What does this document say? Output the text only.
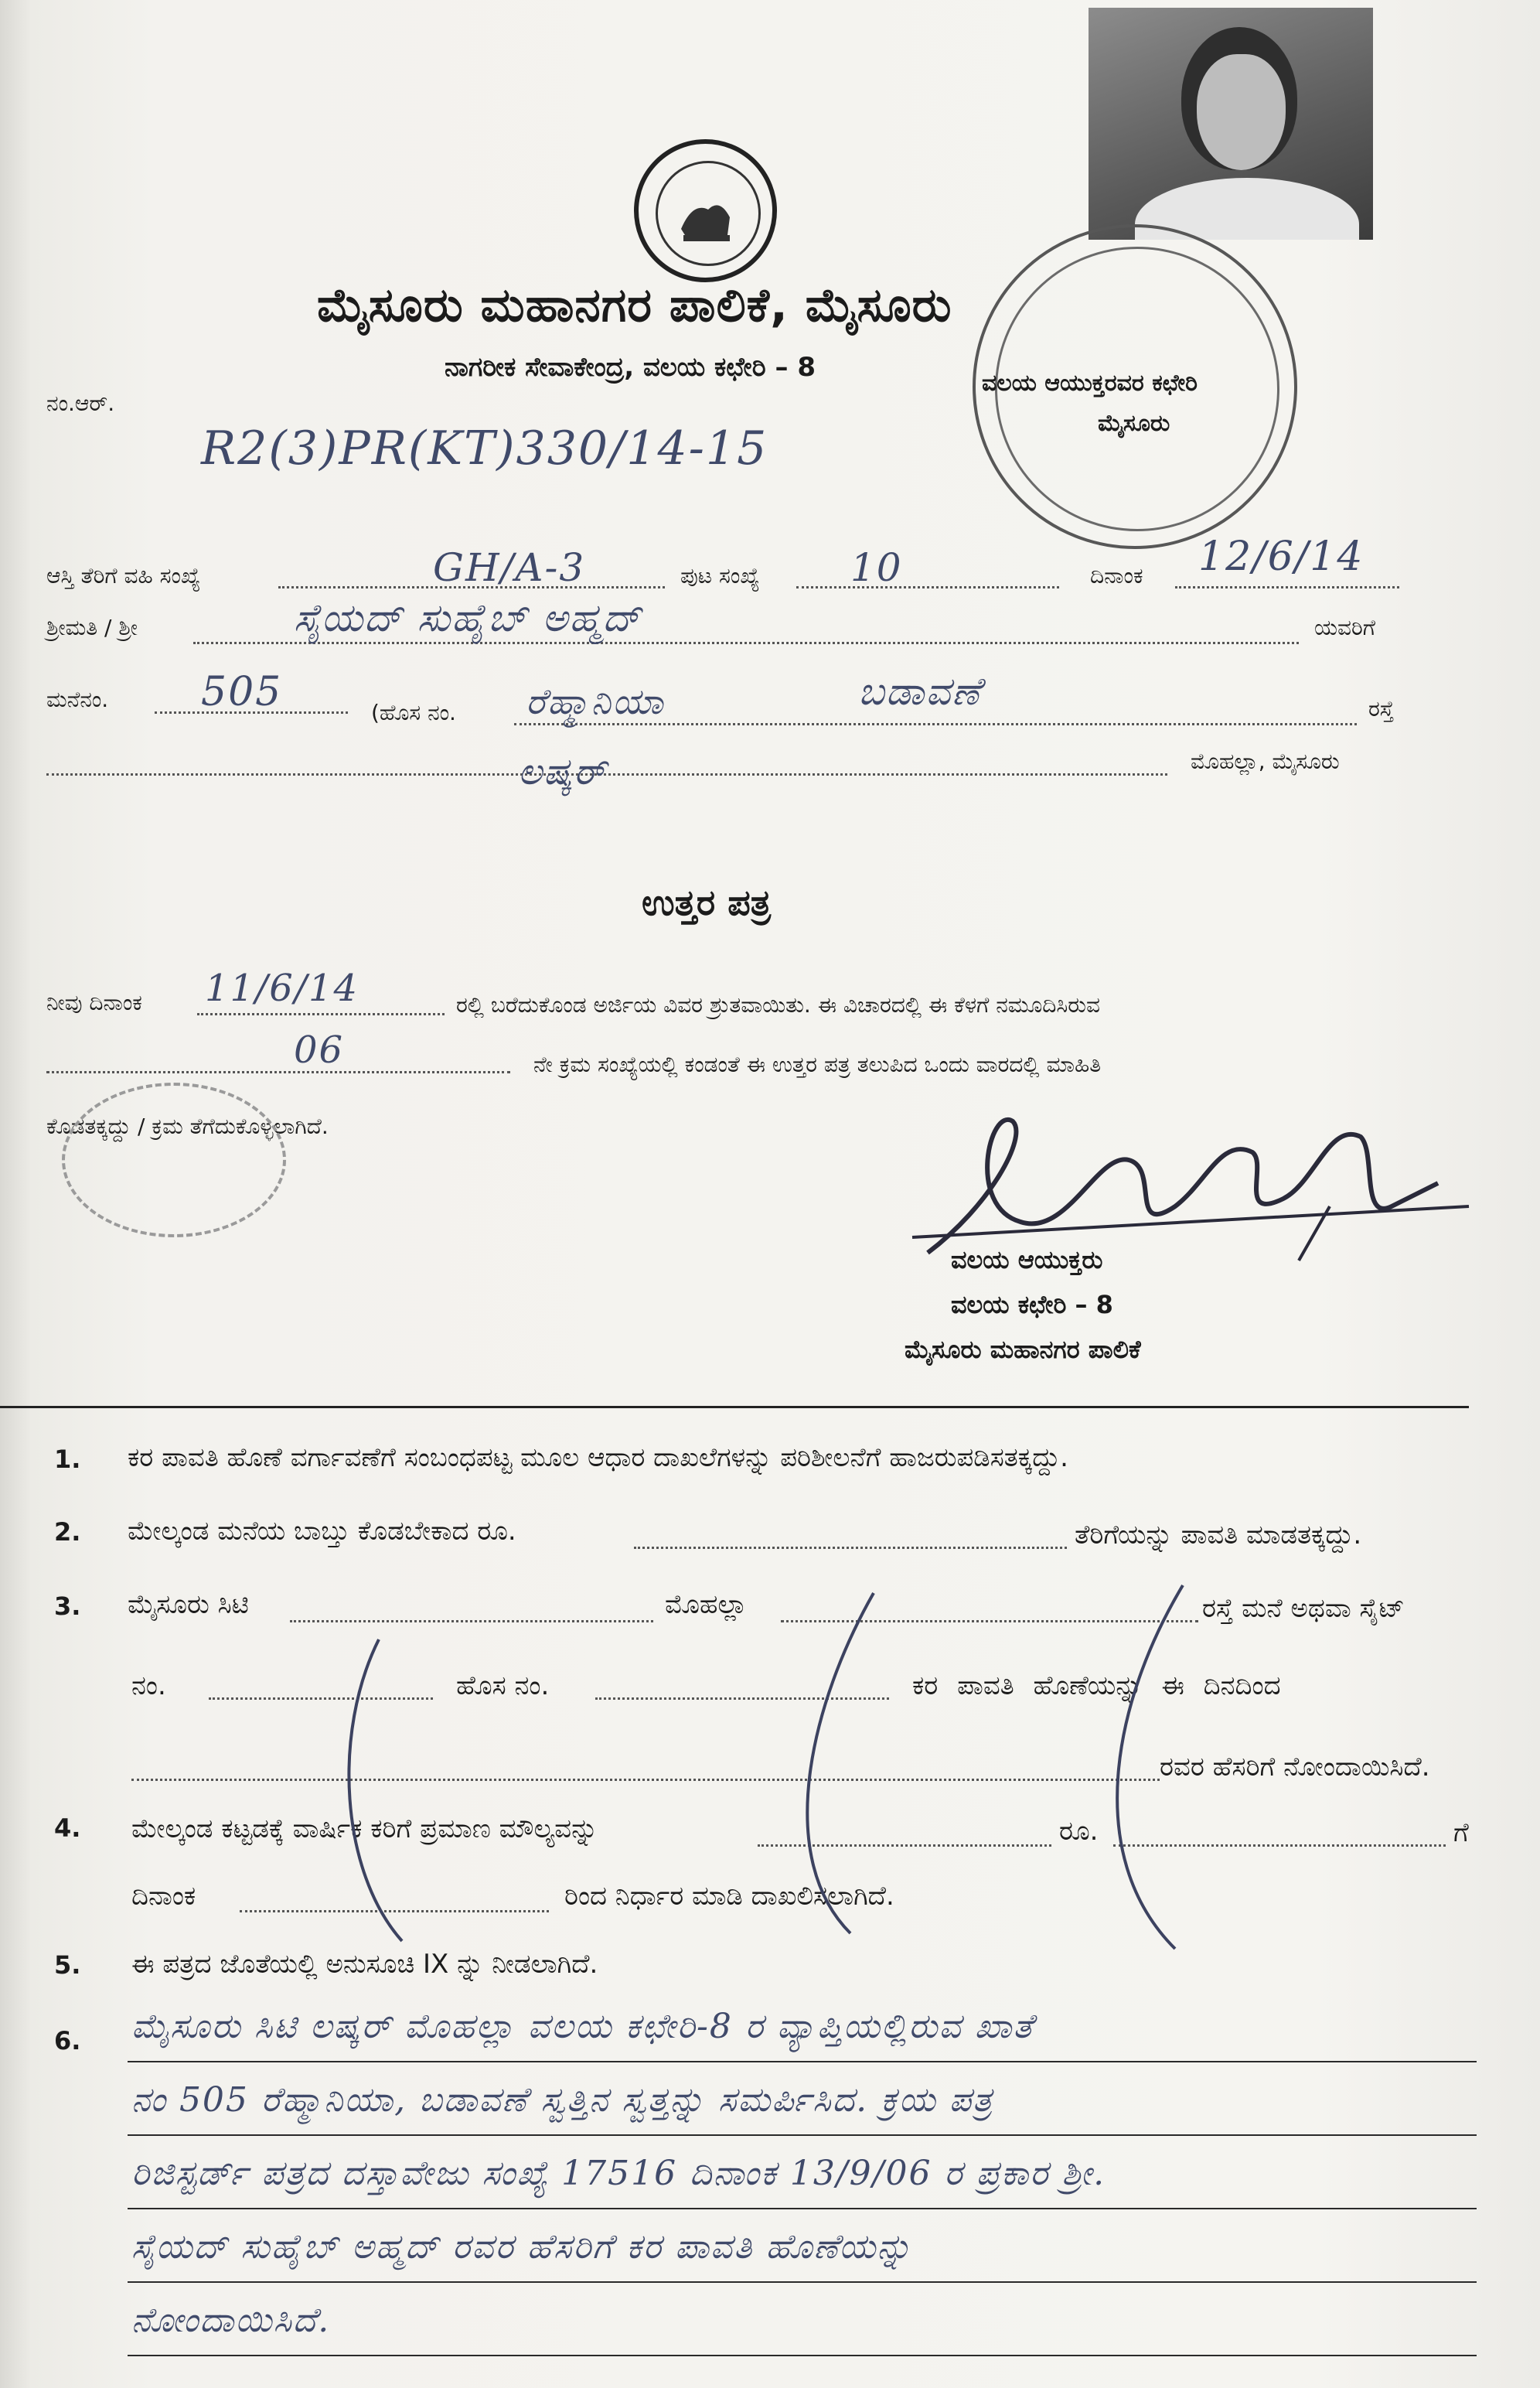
ಮೈಸೂರು ಮಹಾನಗರ ಪಾಲಿಕೆ, ಮೈಸೂರು
ನಾಗರೀಕ ಸೇವಾಕೇಂದ್ರ, ವಲಯ ಕಛೇರಿ – 8
ವಲಯ ಆಯುಕ್ತರವರ ಕಛೇರಿ
ಮೈಸೂರು
ನಂ.ಆರ್.
R2(3)PR(KT)330/14-15
ಆಸ್ತಿ ತೆರಿಗೆ ವಹಿ ಸಂಖ್ಯೆ	GH/A-3	ಪುಟ ಸಂಖ್ಯೆ 10	ದಿನಾಂಕ 12/6/14
ಶ್ರೀಮತಿ / ಶ್ರೀ	ಸೈಯದ್ ಸುಹೈಬ್ ಅಹ್ಮದ್	ಯವರಿಗೆ
ಮನೆನಂ. 505	(ಹೊಸ ನಂ. ರೆಹ್ಮಾನಿಯಾ	ಬಡಾವಣೆ	ರಸ್ತೆ
ಲಷ್ಕರ್	ಮೊಹಲ್ಲಾ, ಮೈಸೂರು
ಉತ್ತರ ಪತ್ರ
ನೀವು ದಿನಾಂಕ 11/6/14	ರಲ್ಲಿ ಬರೆದುಕೊಂಡ ಅರ್ಜಿಯ ವಿವರ ಶ್ರುತವಾಯಿತು. ಈ ವಿಚಾರದಲ್ಲಿ ಈ ಕೆಳಗೆ ನಮೂದಿಸಿರುವ
06	ನೇ ಕ್ರಮ ಸಂಖ್ಯೆಯಲ್ಲಿ ಕಂಡಂತೆ ಈ ಉತ್ತರ ಪತ್ರ ತಲುಪಿದ ಒಂದು ವಾರದಲ್ಲಿ ಮಾಹಿತಿ
ಕೊಡತಕ್ಕದ್ದು / ಕ್ರಮ ತೆಗೆದುಕೊಳ್ಳಲಾಗಿದೆ.
ವಲಯ ಆಯುಕ್ತರು
ವಲಯ ಕಛೇರಿ – 8
ಮೈಸೂರು ಮಹಾನಗರ ಪಾಲಿಕೆ
1. ಕರ ಪಾವತಿ ಹೊಣೆ ವರ್ಗಾವಣೆಗೆ ಸಂಬಂಧಪಟ್ಟ ಮೂಲ ಆಧಾರ ದಾಖಲೆಗಳನ್ನು ಪರಿಶೀಲನೆಗೆ ಹಾಜರುಪಡಿಸತಕ್ಕದ್ದು.
2. ಮೇಲ್ಕಂಡ ಮನೆಯ ಬಾಬ್ತು ಕೊಡಬೇಕಾದ ರೂ.	ತೆರಿಗೆಯನ್ನು ಪಾವತಿ ಮಾಡತಕ್ಕದ್ದು.
3. ಮೈಸೂರು ಸಿಟಿ	ಮೊಹಲ್ಲಾ	ರಸ್ತೆ ಮನೆ ಅಥವಾ ಸೈಟ್
ನಂ.	ಹೊಸ ನಂ.	ಕರ ಪಾವತಿ ಹೊಣೆಯನ್ನು ಈ ದಿನದಿಂದ
ರವರ ಹೆಸರಿಗೆ ನೋಂದಾಯಿಸಿದೆ.
4. ಮೇಲ್ಕಂಡ ಕಟ್ಟಡಕ್ಕೆ ವಾರ್ಷಿಕ ಕರಿಗೆ ಪ್ರಮಾಣ ಮೌಲ್ಯವನ್ನು	ರೂ.	ಗೆ
ದಿನಾಂಕ	ರಿಂದ ನಿರ್ಧಾರ ಮಾಡಿ ದಾಖಲಿಸಲಾಗಿದೆ.
5. ಈ ಪತ್ರದ ಜೊತೆಯಲ್ಲಿ ಅನುಸೂಚಿ IX ನ್ನು ನೀಡಲಾಗಿದೆ.
6. ಮೈಸೂರು ಸಿಟಿ ಲಷ್ಕರ್ ಮೊಹಲ್ಲಾ ವಲಯ ಕಛೇರಿ-8 ರ ವ್ಯಾಪ್ತಿಯಲ್ಲಿರುವ ಖಾತೆ
ನಂ 505 ರೆಹ್ಮಾನಿಯಾ, ಬಡಾವಣೆ ಸ್ವತ್ತಿನ ಸ್ವತ್ತನ್ನು ಸಮರ್ಪಿಸಿದ. ಕ್ರಯ ಪತ್ರ
ರಿಜಿಸ್ಟರ್ಡ್ ಪತ್ರದ ದಸ್ತಾವೇಜು ಸಂಖ್ಯೆ 17516 ದಿನಾಂಕ 13/9/06 ರ ಪ್ರಕಾರ ಶ್ರೀ.
ಸೈಯದ್ ಸುಹೈಬ್ ಅಹ್ಮದ್ ರವರ ಹೆಸರಿಗೆ ಕರ ಪಾವತಿ ಹೊಣೆಯನ್ನು
ನೋಂದಾಯಿಸಿದೆ.
